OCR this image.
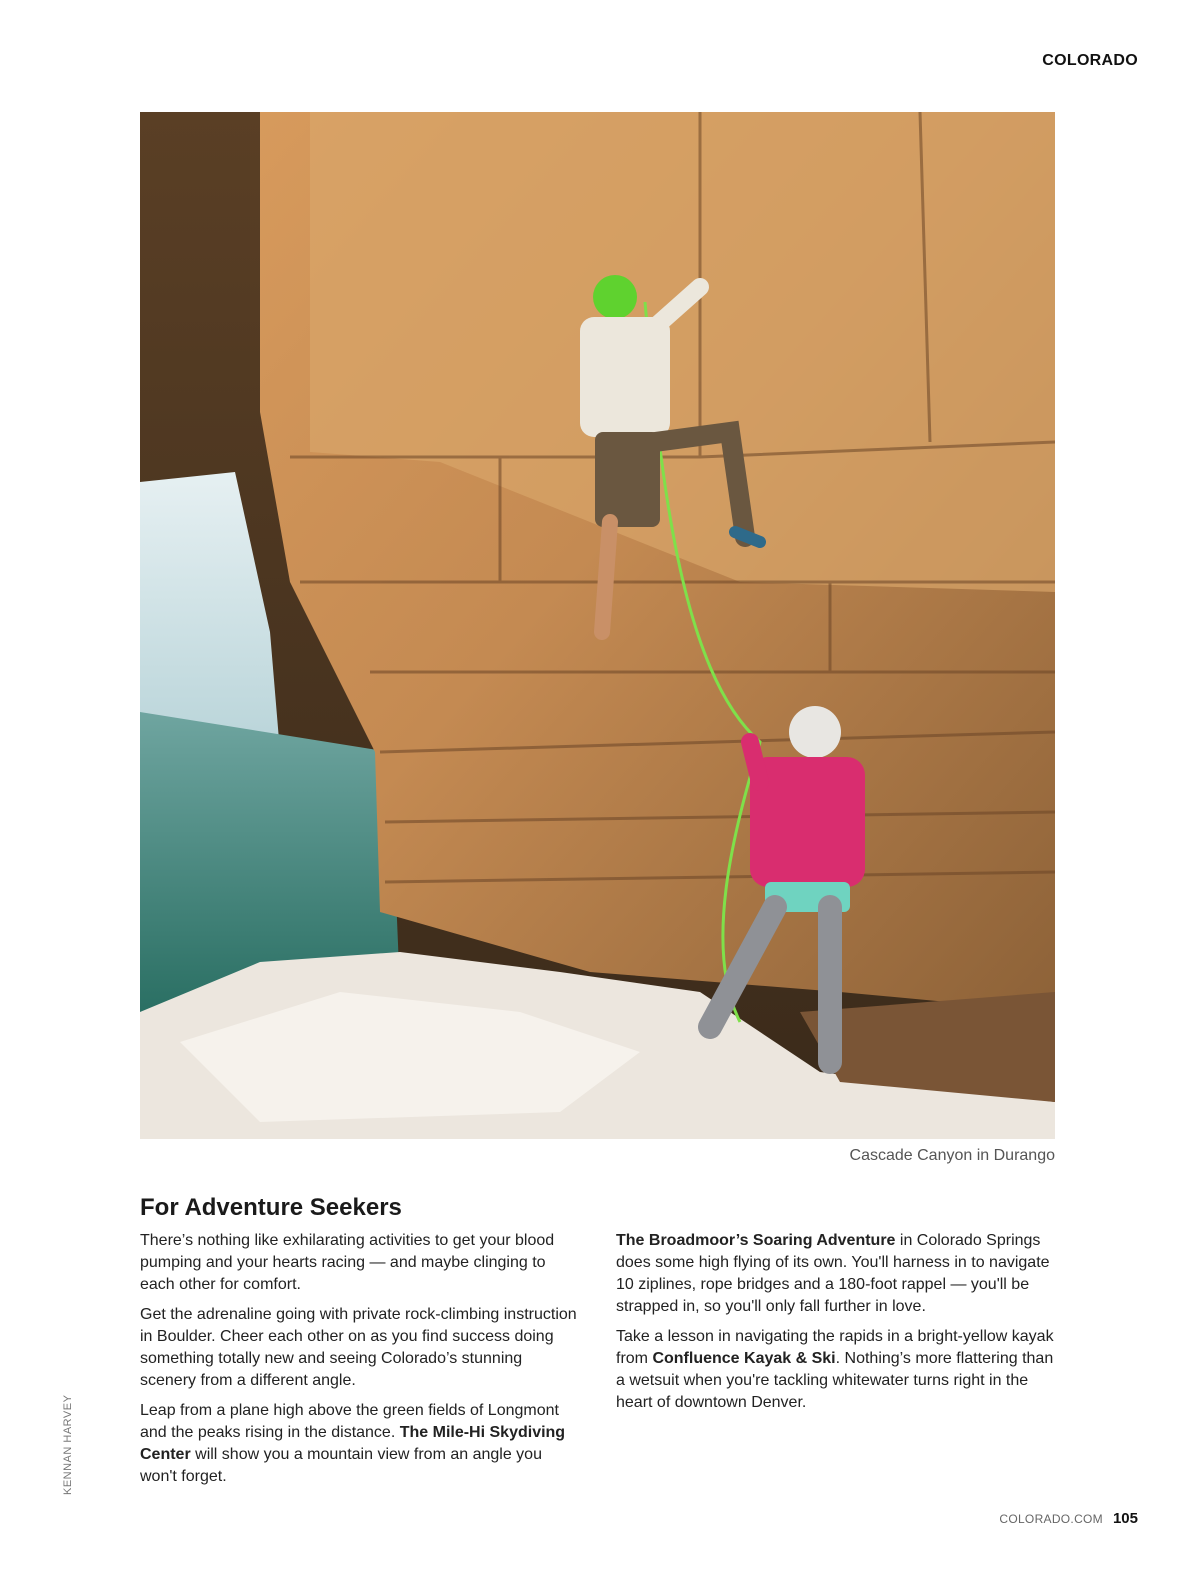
COLORADO
Cascade Canyon in Durango
For Adventure Seekers

There’s nothing like exhilarating activities to get your blood pumping and your hearts racing — and maybe clinging to each other for comfort.

Get the adrenaline going with private rock-climbing instruction in Boulder. Cheer each other on as you find success doing something totally new and seeing Colorado’s stunning scenery from a different angle.

Leap from a plane high above the green fields of Longmont and the peaks rising in the distance. The Mile-Hi Skydiving Center will show you a mountain view from an angle you won't forget.

The Broadmoor’s Soaring Adventure in Colorado Springs does some high flying of its own. You'll harness in to navigate 10 ziplines, rope bridges and a 180-foot rappel — you'll be strapped in, so you'll only fall further in love.

Take a lesson in navigating the rapids in a bright-yellow kayak from Confluence Kayak & Ski. Nothing’s more flattering than a wetsuit when you're tackling whitewater turns right in the heart of downtown Denver.

KENNAN HARVEY
COLORADO.COM 105
